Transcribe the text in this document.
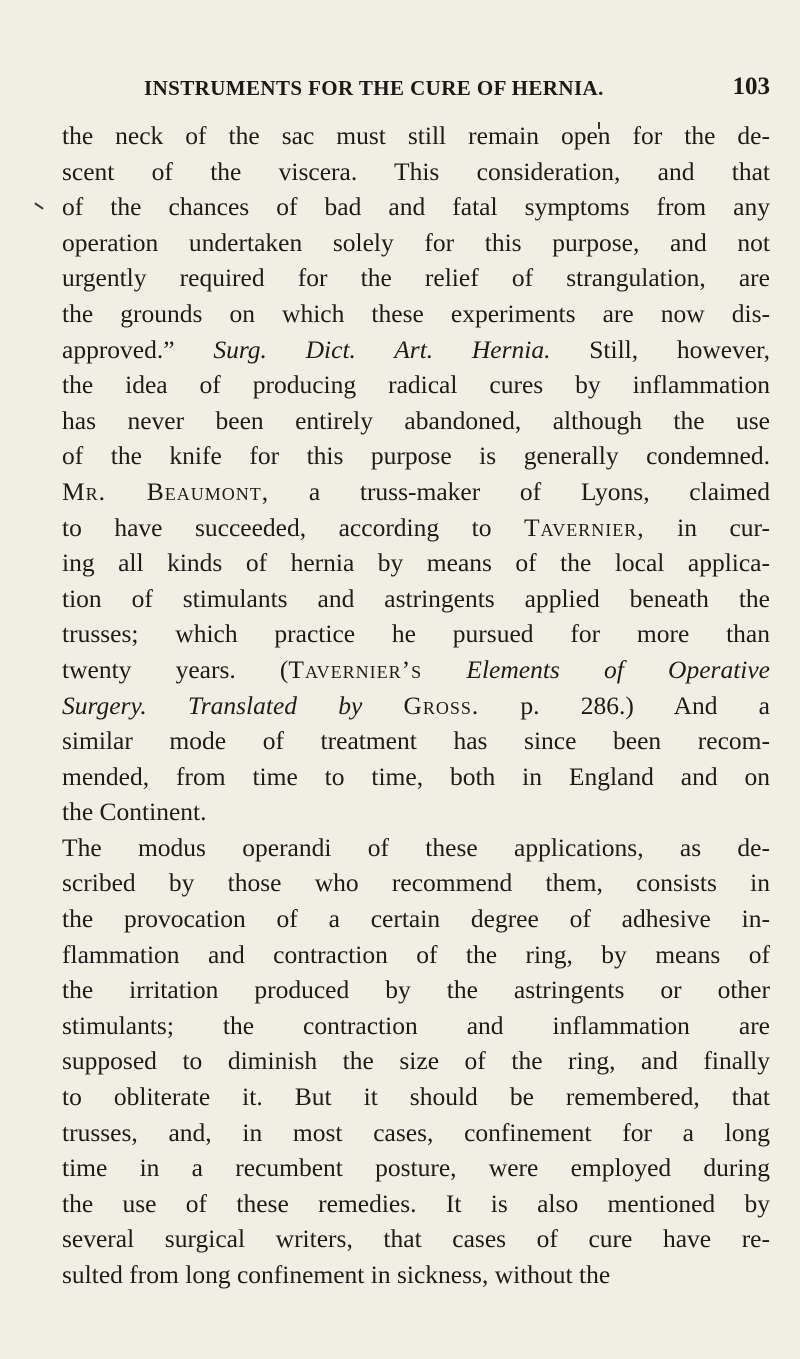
INSTRUMENTS FOR THE CURE OF HERNIA.	103
the neck of the sac must still remain open for the de-
scent of the viscera. This consideration, and that
of the chances of bad and fatal symptoms from any
operation undertaken solely for this purpose, and not
urgently required for the relief of strangulation, are
the grounds on which these experiments are now dis-
approved.” Surg. Dict. Art. Hernia. Still, however,
the idea of producing radical cures by inflammation
has never been entirely abandoned, although the use
of the knife for this purpose is generally condemned.
Mr. Beaumont, a truss-maker of Lyons, claimed
to have succeeded, according to Tavernier, in cur-
ing all kinds of hernia by means of the local applica-
tion of stimulants and astringents applied beneath the
trusses; which practice he pursued for more than
twenty years. (Tavernier’s Elements of Operative
Surgery. Translated by Gross. p. 286.) And a
similar mode of treatment has since been recom-
mended, from time to time, both in England and on
the Continent.
The modus operandi of these applications, as de-
scribed by those who recommend them, consists in
the provocation of a certain degree of adhesive in-
flammation and contraction of the ring, by means of
the irritation produced by the astringents or other
stimulants; the contraction and inflammation are
supposed to diminish the size of the ring, and finally
to obliterate it. But it should be remembered, that
trusses, and, in most cases, confinement for a long
time in a recumbent posture, were employed during
the use of these remedies. It is also mentioned by
several surgical writers, that cases of cure have re-
sulted from long confinement in sickness, without the
